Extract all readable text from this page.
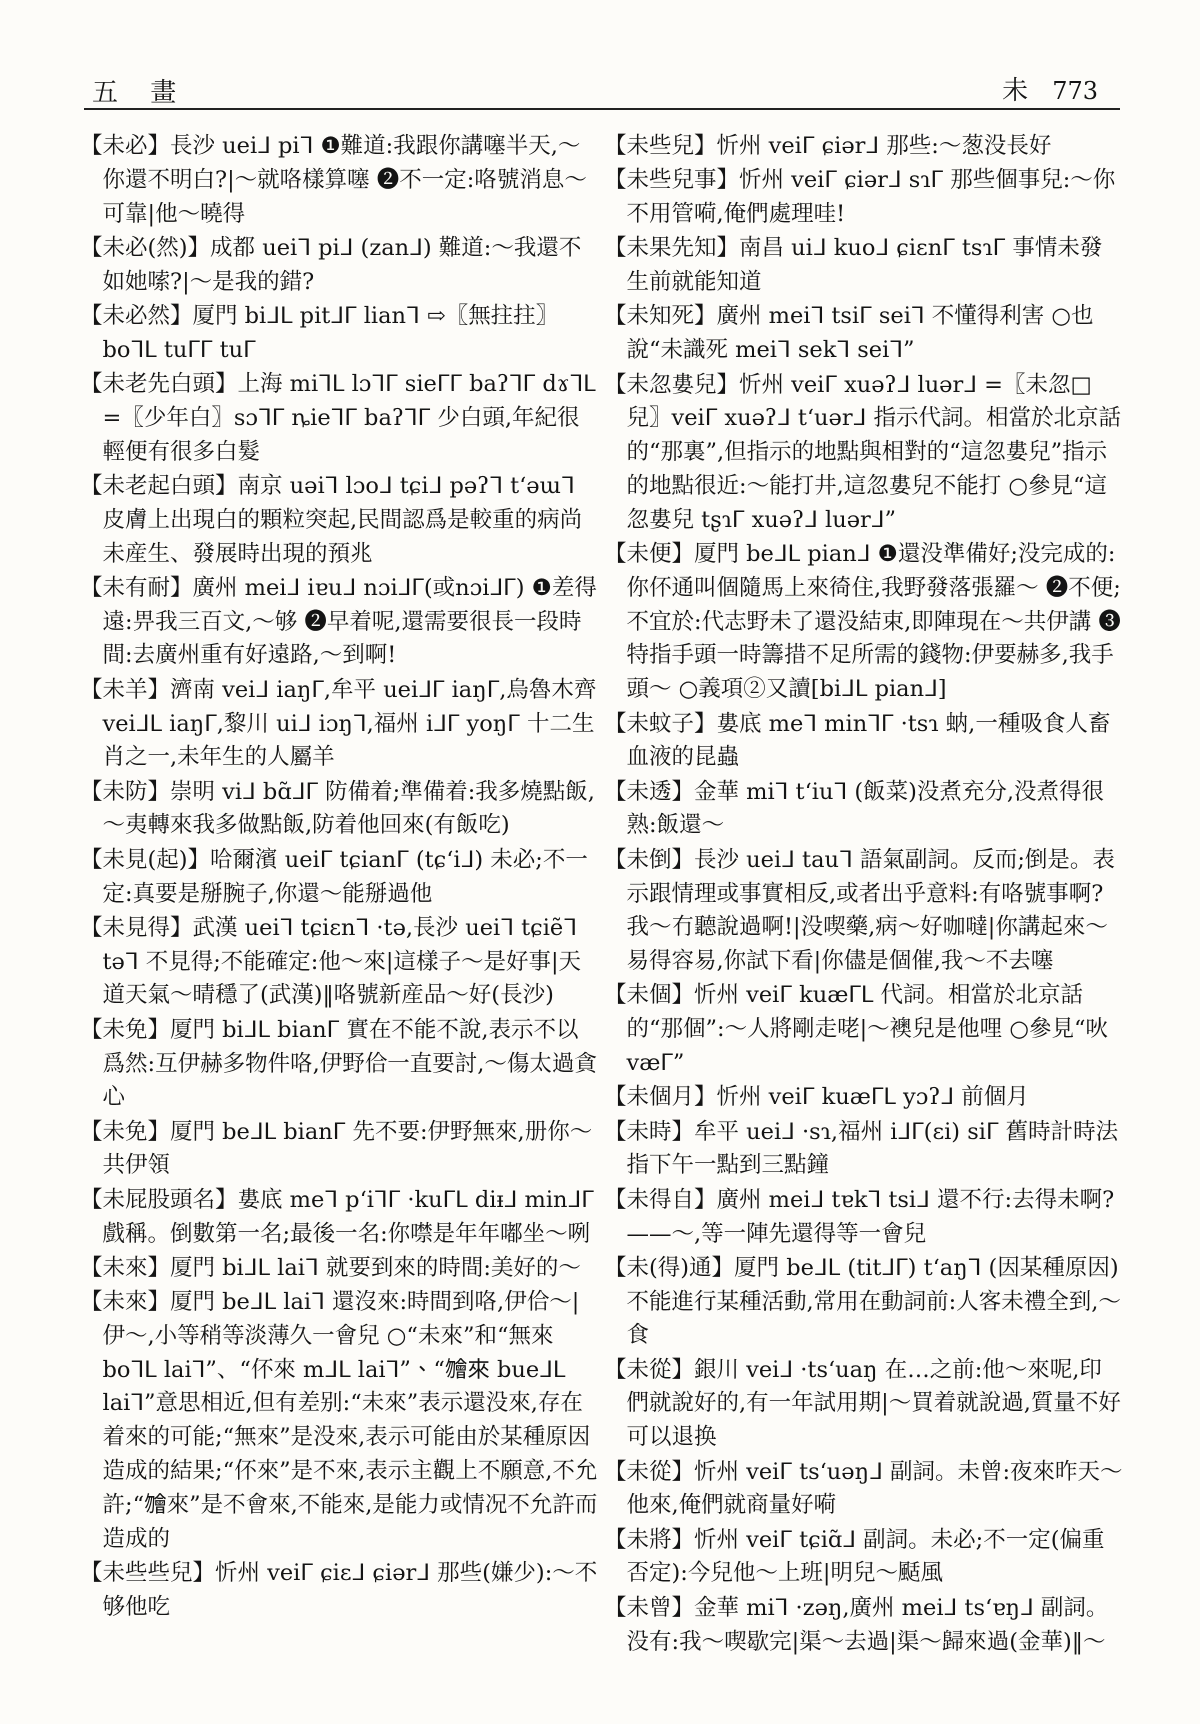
五 畫	未 773

【未必】長沙 ueiᒧ piᒣ ❶難道:我跟你講噻半天,～你還不明白?|～就咯樣算噻 ❷不一定:咯號消息～可靠|他～曉得

【未必(然)】成都 ueiᒣ piᒧ (zanᒧ) 難道:～我還不如她嗦?|～是我的錯?

【未必然】厦門 biᒧᒪ pitᒧᒥ lianᒣ ⇨〖無拄拄〗boᒣᒪ tuᒥᒥ tuᒥ

【未老先白頭】上海 miᒣᒪ lɔᒣᒥ sieᒥᒥ baʔᒣᒥ dɤᒣᒪ =〖少年白〗sɔᒣᒥ ȵieᒣᒥ baʔᒣᒥ 少白頭,年紀很輕便有很多白髮

【未老起白頭】南京 uəiᒣ lɔoᒧ tɕiᒧ pəʔᒣ tʻəɯᒣ 皮膚上出現白的顆粒突起,民間認爲是較重的病尚未産生、發展時出現的預兆

【未有耐】廣州 meiᒧ iɐuᒧ nɔiᒧᒥ(或nɔiᒧᒥ) ❶差得遠:畀我三百文,～够 ❷早着呢,還需要很長一段時間:去廣州重有好遠路,～到啊!

【未羊】濟南 veiᒧ iaŋᒥ,牟平 ueiᒧᒥ iaŋᒥ,烏魯木齊 veiᒧᒪ iaŋᒥ,黎川 uiᒧ iɔŋᒣ,福州 iᒧᒥ yoŋᒥ 十二生肖之一,未年生的人屬羊

【未防】崇明 viᒧ bɑ̃ᒧᒥ 防備着;準備着:我多燒點飯,～夷轉來我多做點飯,防着他回來(有飯吃)

【未見(起)】哈爾濱 ueiᒥ tɕianᒥ (tɕʻiᒧ) 未必;不一定:真要是掰腕子,你還～能掰過他

【未見得】武漢 ueiᒣ tɕiɛnᒣ ·tə,長沙 ueiᒣ tɕiẽᒣ təᒣ 不見得;不能確定:他～來|這樣子～是好事|天道天氣～晴穩了(武漢)‖咯號新産品～好(長沙)

【未免】厦門 biᒧᒪ bianᒥ 實在不能不說,表示不以爲然:互伊赫多物件咯,伊野佮一直要討,～傷太過貪心

【未免】厦門 beᒧᒪ bianᒥ 先不要:伊野無來,册你～共伊領

【未屁股頭名】婁底 meᒣ pʻiᒣᒥ ·kuᒥᒪ diᵻᒧ minᒧᒥ 戲稱。倒數第一名;最後一名:你噤是年年嘟坐～咧

【未來】厦門 biᒧᒪ laiᒣ 就要到來的時間:美好的～

【未來】厦門 beᒧᒪ laiᒣ 還沒來:時間到咯,伊佮～|伊～,小等稍等淡薄久一會兒 ○“未來”和“無來 boᒣᒪ laiᒣ”、“伓來 mᒧᒪ laiᒣ”、“𣍐來 bueᒧᒪ laiᒣ”意思相近,但有差别:“未來”表示還没來,存在着來的可能;“無來”是没來,表示可能由於某種原因造成的結果;“伓來”是不來,表示主觀上不願意,不允許;“𣍐來”是不會來,不能來,是能力或情况不允許而造成的

【未些些兒】忻州 veiᒥ ɕiɛᒧ ɕiərᒧ 那些(嫌少):～不够他吃

【未些兒】忻州 veiᒥ ɕiərᒧ 那些:～葱没長好

【未些兒事】忻州 veiᒥ ɕiərᒧ sɿᒥ 那些個事兒:～你不用管嗬,俺們處理哇!

【未果先知】南昌 uiᒧ kuoᒧ ɕiɛnᒥ tsɿᒥ 事情未發生前就能知道

【未知死】廣州 meiᒣ tsiᒥ seiᒣ 不懂得利害 ○也說“未識死 meiᒣ sekᒣ seiᒣ”

【未忽婁兒】忻州 veiᒥ xuəʔᒧ luərᒧ =〖未忽□兒〗veiᒥ xuəʔᒧ tʻuərᒧ 指示代詞。相當於北京話的“那裏”,但指示的地點與相對的“這忽婁兒”指示的地點很近:～能打井,這忽婁兒不能打 ○參見“這忽婁兒 tʂɿᒥ xuəʔᒧ luərᒧ”

【未便】厦門 beᒧᒪ pianᒧ ❶還没準備好;没完成的:你伓通叫個隨馬上來徛住,我野發落張羅～ ❷不便;不宜於:代志野未了還没結束,即陣現在～共伊講 ❸特指手頭一時籌措不足所需的錢物:伊要赫多,我手頭～ ○義項②又讀[biᒧᒪ pianᒧ]

【未蚊子】婁底 meᒣ minᒣᒥ ·tsɿ 蚋,一種吸食人畜血液的昆蟲

【未透】金華 miᒣ tʻiuᒣ (飯菜)没煮充分,没煮得很熟:飯還～

【未倒】長沙 ueiᒧ tauᒣ 語氣副詞。反而;倒是。表示跟情理或事實相反,或者出乎意料:有咯號事啊?我～冇聽說過啊!|没喫藥,病～好咖噠|你講起來～易得容易,你試下看|你儘是個催,我～不去噻

【未個】忻州 veiᒥ kuæᒥᒪ 代詞。相當於北京話的“那個”:～人將剛走咾|～襖兒是他哩 ○參見“吙 væᒥ”

【未個月】忻州 veiᒥ kuæᒥᒪ yɔʔᒧ 前個月

【未時】牟平 ueiᒧ ·sɿ,福州 iᒧᒥ(ɛi) siᒥ 舊時計時法指下午一點到三點鐘

【未得自】廣州 meiᒧ tɐkᒣ tsiᒧ 還不行:去得未啊?——～,等一陣先還得等一會兒

【未(得)通】厦門 beᒧᒪ (titᒧᒥ) tʻaŋᒣ (因某種原因)不能進行某種活動,常用在動詞前:人客未禮全到,～食

【未從】銀川 veiᒧ ·tsʻuaŋ 在…之前:他～來呢,印們就說好的,有一年試用期|～買着就說過,質量不好可以退换

【未從】忻州 veiᒥ tsʻuəŋᒧ 副詞。未曾:夜來昨天～他來,俺們就商量好嗬

【未將】忻州 veiᒥ tɕiɑ̃ᒧ 副詞。未必;不一定(偏重否定):今兒他～上班|明兒～颳風

【未曾】金華 miᒣ ·zəŋ,廣州 meiᒧ tsʻɐŋᒧ 副詞。没有:我～喫歇完|渠～去過|渠～歸來過(金華)‖～
